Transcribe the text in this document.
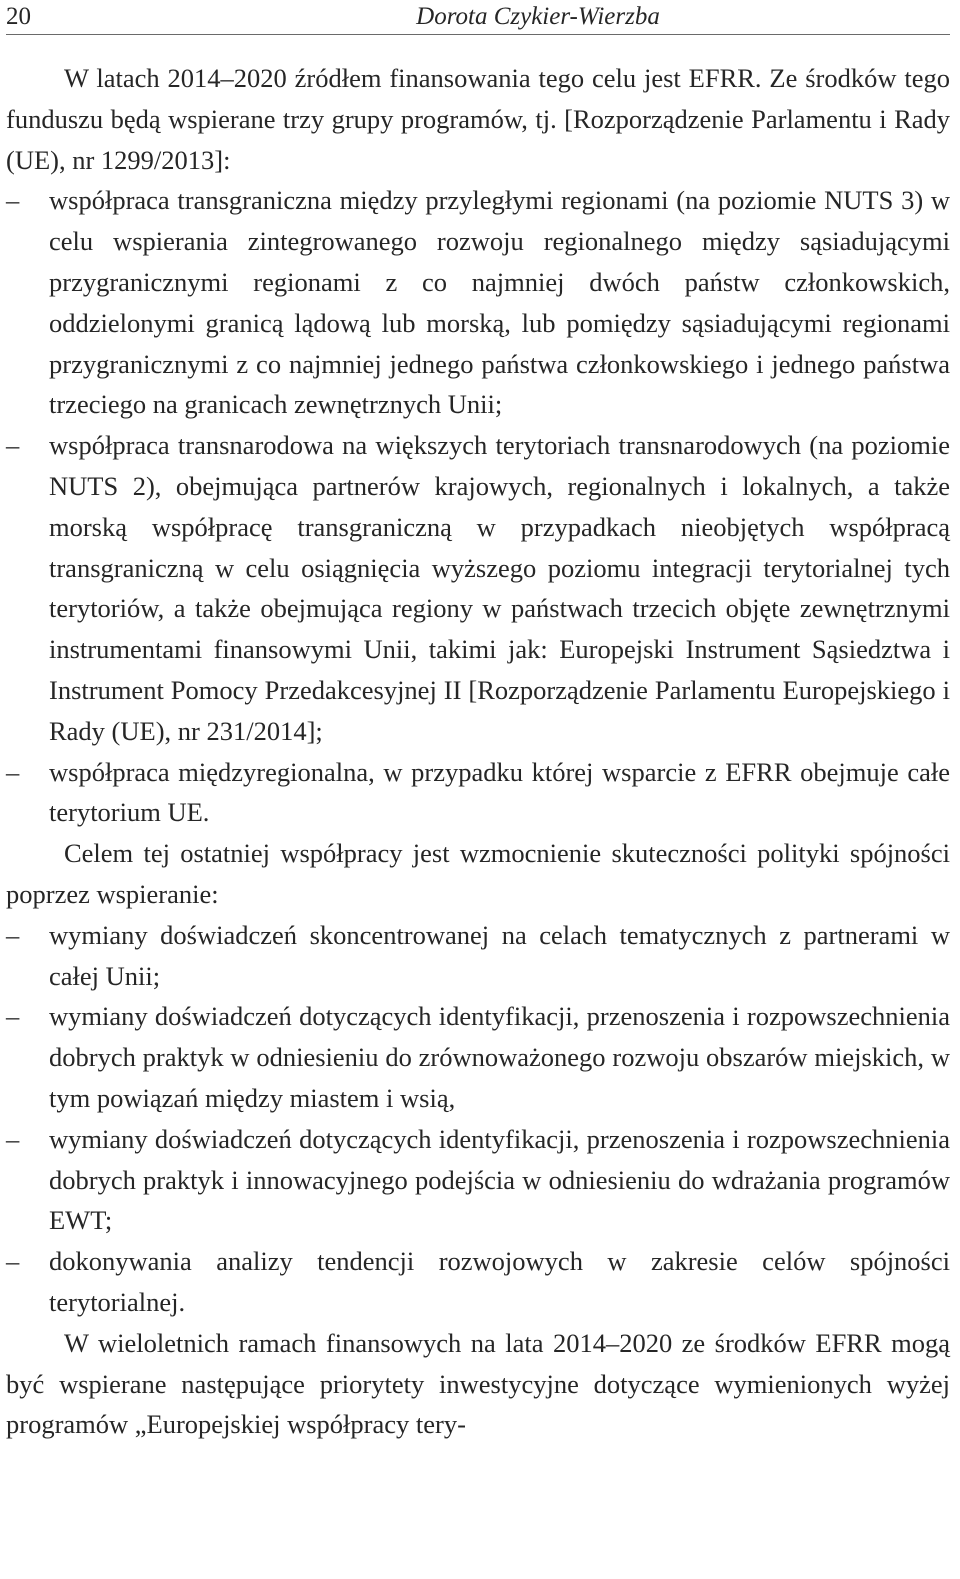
20	Dorota Czykier-Wierzba

W latach 2014–2020 źródłem finansowania tego celu jest EFRR. Ze środków tego funduszu będą wspierane trzy grupy programów, tj. [Rozporządzenie Parlamentu i Rady (UE), nr 1299/2013]:

– współpraca transgraniczna między przyległymi regionami (na poziomie NUTS 3) w celu wspierania zintegrowanego rozwoju regionalnego między sąsiadującymi przygranicznymi regionami z co najmniej dwóch państw członkowskich, oddzielonymi granicą lądową lub morską, lub pomiędzy sąsiadującymi regionami przygranicznymi z co najmniej jednego państwa członkowskiego i jednego państwa trzeciego na granicach zewnętrznych Unii;
– współpraca transnarodowa na większych terytoriach transnarodowych (na poziomie NUTS 2), obejmująca partnerów krajowych, regionalnych i lokalnych, a także morską współpracę transgraniczną w przypadkach nieobjętych współpracą transgraniczną w celu osiągnięcia wyższego poziomu integracji terytorialnej tych terytoriów, a także obejmująca regiony w państwach trzecich objęte zewnętrznymi instrumentami finansowymi Unii, takimi jak: Europejski Instrument Sąsiedztwa i Instrument Pomocy Przedakcesyjnej II [Rozporządzenie Parlamentu Europejskiego i Rady (UE), nr 231/2014];
– współpraca międzyregionalna, w przypadku której wsparcie z EFRR obejmuje całe terytorium UE.

Celem tej ostatniej współpracy jest wzmocnienie skuteczności polityki spójności poprzez wspieranie:

– wymiany doświadczeń skoncentrowanej na celach tematycznych z partnerami w całej Unii;
– wymiany doświadczeń dotyczących identyfikacji, przenoszenia i rozpowszechnienia dobrych praktyk w odniesieniu do zrównoważonego rozwoju obszarów miejskich, w tym powiązań między miastem i wsią,
– wymiany doświadczeń dotyczących identyfikacji, przenoszenia i rozpowszechnienia dobrych praktyk i innowacyjnego podejścia w odniesieniu do wdrażania programów EWT;
– dokonywania analizy tendencji rozwojowych w zakresie celów spójności terytorialnej.

W wieloletnich ramach finansowych na lata 2014–2020 ze środków EFRR mogą być wspierane następujące priorytety inwestycyjne dotyczące wymienionych wyżej programów „Europejskiej współpracy tery-
